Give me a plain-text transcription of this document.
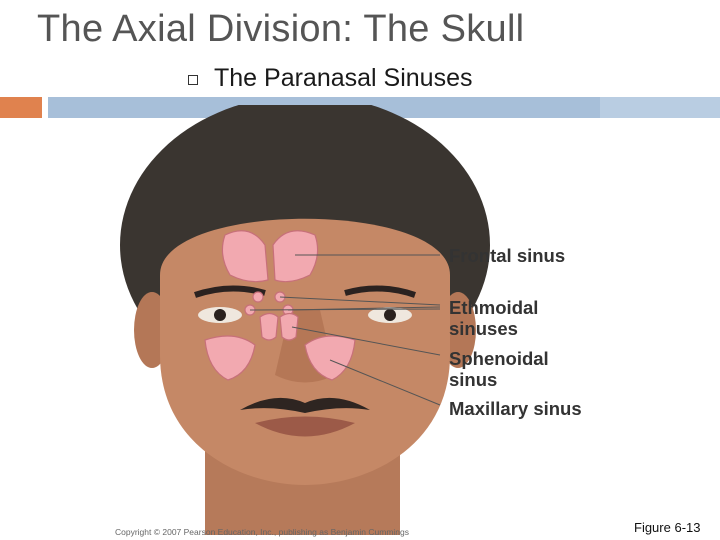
The Axial Division: The Skull
The Paranasal Sinuses
Frontal sinus
Ethmoidal
sinuses
Sphenoidal
sinus
Maxillary sinus
Copyright © 2007 Pearson Education, Inc., publishing as Benjamin Cummings	Figure 6-13
